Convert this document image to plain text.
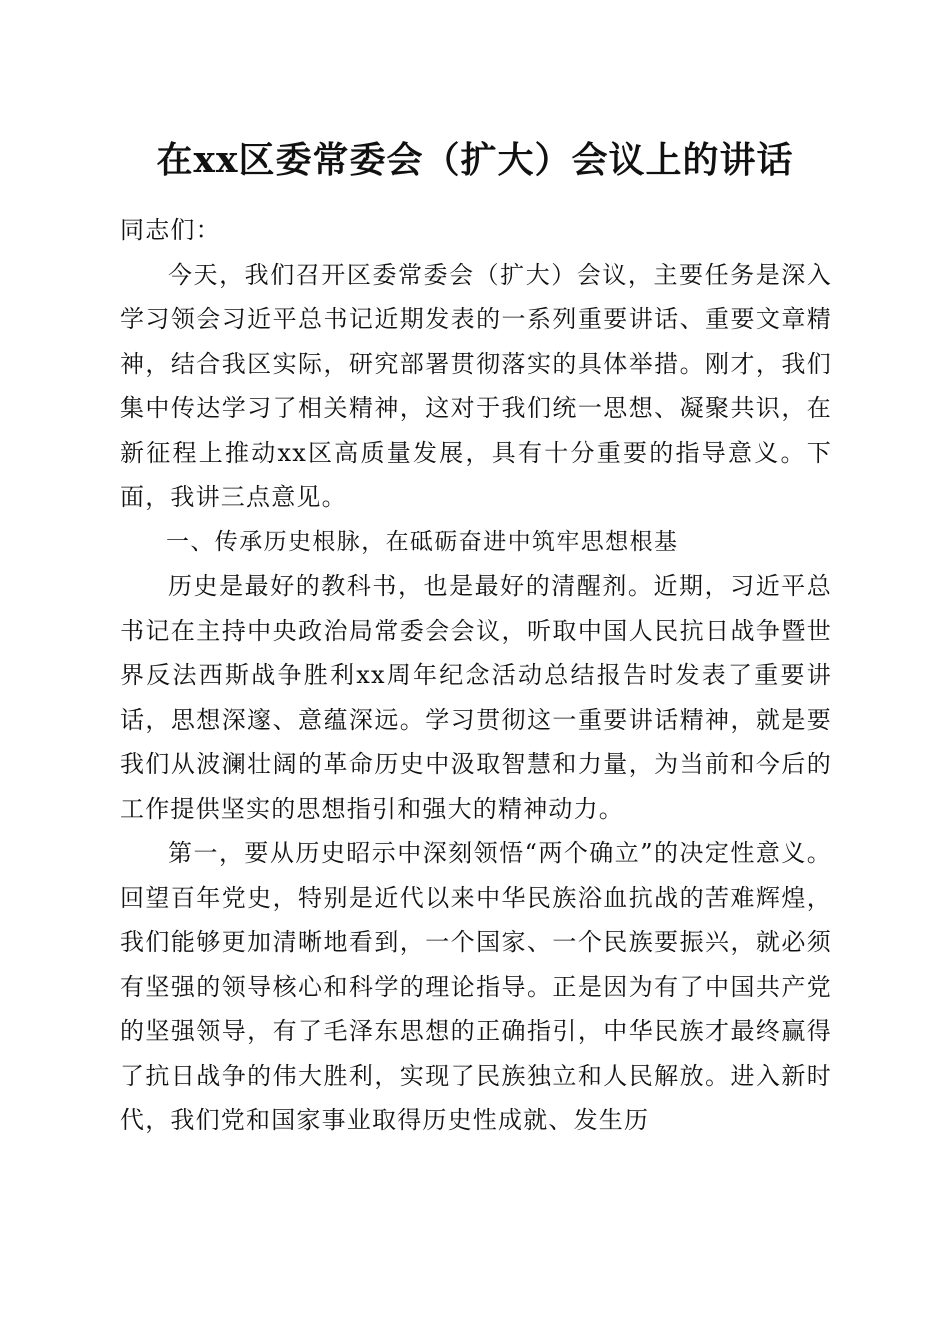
在xx区委常委会（扩大）会议上的讲话

同志们：

今天，我们召开区委常委会（扩大）会议，主要任务是深入学习领会习近平总书记近期发表的一系列重要讲话、重要文章精神，结合我区实际，研究部署贯彻落实的具体举措。刚才，我们集中传达学习了相关精神，这对于我们统一思想、凝聚共识，在新征程上推动xx区高质量发展，具有十分重要的指导意义。下面，我讲三点意见。

一、传承历史根脉，在砥砺奋进中筑牢思想根基

历史是最好的教科书，也是最好的清醒剂。近期，习近平总书记在主持中央政治局常委会会议，听取中国人民抗日战争暨世界反法西斯战争胜利xx周年纪念活动总结报告时发表了重要讲话，思想深邃、意蕴深远。学习贯彻这一重要讲话精神，就是要我们从波澜壮阔的革命历史中汲取智慧和力量，为当前和今后的工作提供坚实的思想指引和强大的精神动力。

第一，要从历史昭示中深刻领悟“两个确立”的决定性意义。回望百年党史，特别是近代以来中华民族浴血抗战的苦难辉煌，我们能够更加清晰地看到，一个国家、一个民族要振兴，就必须有坚强的领导核心和科学的理论指导。正是因为有了中国共产党的坚强领导，有了毛泽东思想的正确指引，中华民族才最终赢得了抗日战争的伟大胜利，实现了民族独立和人民解放。进入新时代，我们党和国家事业取得历史性成就、发生历
